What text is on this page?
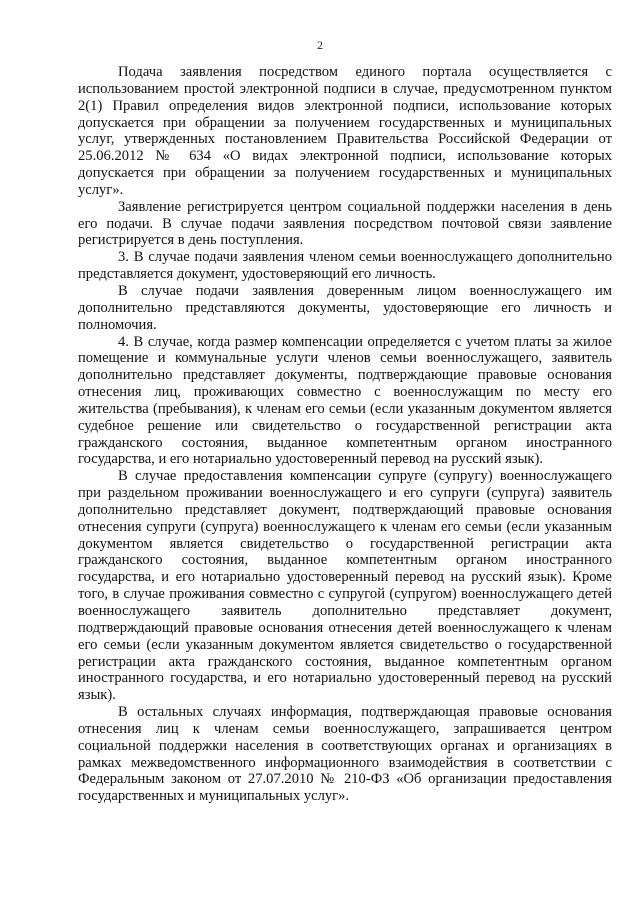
2

Подача заявления посредством единого портала осуществляется с использованием простой электронной подписи в случае, предусмотренном пунктом 2(1) Правил определения видов электронной подписи, использование которых допускается при обращении за получением государственных и муниципальных услуг, утвержденных постановлением Правительства Российской Федерации от 25.06.2012 № 634 «О видах электронной подписи, использование которых допускается при обращении за получением государственных и муниципальных услуг».

Заявление регистрируется центром социальной поддержки населения в день его подачи. В случае подачи заявления посредством почтовой связи заявление регистрируется в день поступления.

3. В случае подачи заявления членом семьи военнослужащего дополнительно представляется документ, удостоверяющий его личность.

В случае подачи заявления доверенным лицом военнослужащего им дополнительно представляются документы, удостоверяющие его личность и полномочия.

4. В случае, когда размер компенсации определяется с учетом платы за жилое помещение и коммунальные услуги членов семьи военнослужащего, заявитель дополнительно представляет документы, подтверждающие правовые основания отнесения лиц, проживающих совместно с военнослужащим по месту его жительства (пребывания), к членам его семьи (если указанным документом является судебное решение или свидетельство о государственной регистрации акта гражданского состояния, выданное компетентным органом иностранного государства, и его нотариально удостоверенный перевод на русский язык).

В случае предоставления компенсации супруге (супругу) военнослужащего при раздельном проживании военнослужащего и его супруги (супруга) заявитель дополнительно представляет документ, подтверждающий правовые основания отнесения супруги (супруга) военнослужащего к членам его семьи (если указанным документом является свидетельство о государственной регистрации акта гражданского состояния, выданное компетентным органом иностранного государства, и его нотариально удостоверенный перевод на русский язык). Кроме того, в случае проживания совместно с супругой (супругом) военнослужащего детей военнослужащего заявитель дополнительно представляет документ, подтверждающий правовые основания отнесения детей военнослужащего к членам его семьи (если указанным документом является свидетельство о государственной регистрации акта гражданского состояния, выданное компетентным органом иностранного государства, и его нотариально удостоверенный перевод на русский язык).

В остальных случаях информация, подтверждающая правовые основания отнесения лиц к членам семьи военнослужащего, запрашивается центром социальной поддержки населения в соответствующих органах и организациях в рамках межведомственного информационного взаимодействия в соответствии с Федеральным законом от 27.07.2010 № 210-ФЗ «Об организации предоставления государственных и муниципальных услуг».
